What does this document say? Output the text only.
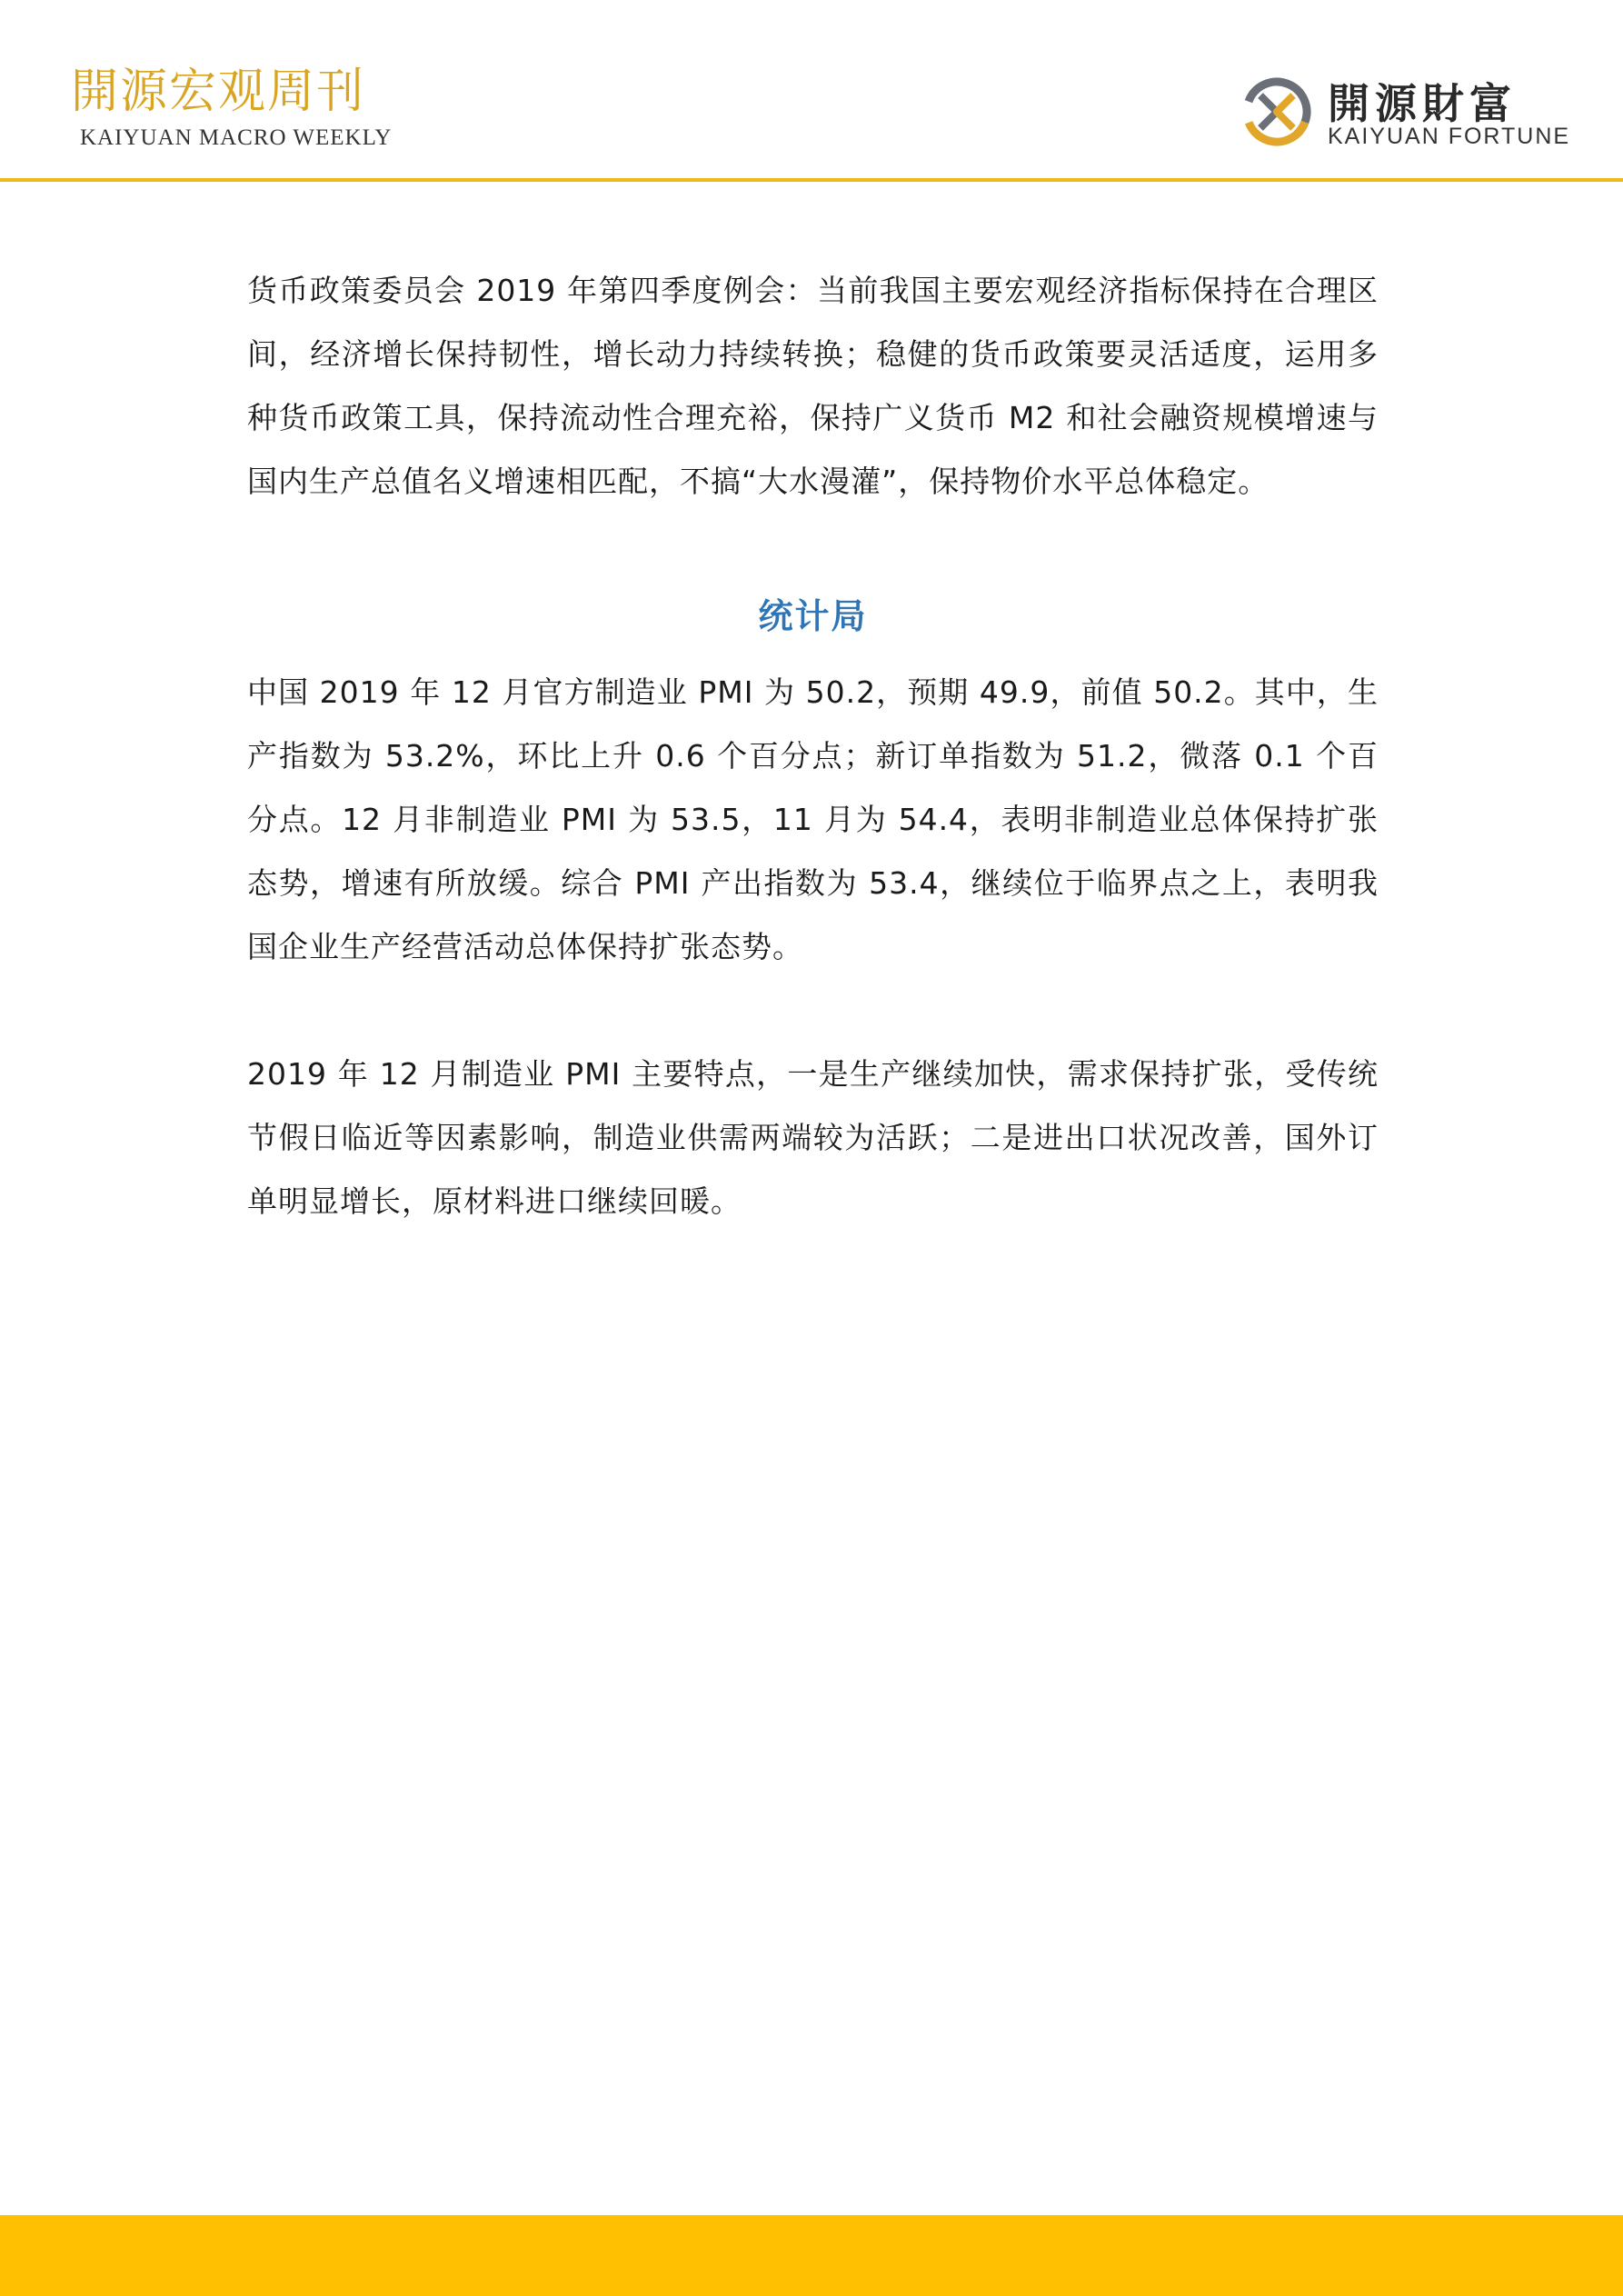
開源宏观周刊
KAIYUAN MACRO WEEKLY
開源財富
KAIYUAN FORTUNE

货币政策委员会 2019 年第四季度例会：当前我国主要宏观经济指标保持在合理区间，经济增长保持韧性，增长动力持续转换；稳健的货币政策要灵活适度，运用多种货币政策工具，保持流动性合理充裕，保持广义货币 M2 和社会融资规模增速与国内生产总值名义增速相匹配，不搞“大水漫灌”，保持物价水平总体稳定。

统计局

中国 2019 年 12 月官方制造业 PMI 为 50.2，预期 49.9，前值 50.2。其中，生产指数为 53.2%，环比上升 0.6 个百分点；新订单指数为 51.2，微落 0.1 个百分点。12 月非制造业 PMI 为 53.5，11 月为 54.4，表明非制造业总体保持扩张态势，增速有所放缓。综合 PMI 产出指数为 53.4，继续位于临界点之上，表明我国企业生产经营活动总体保持扩张态势。

2019 年 12 月制造业 PMI 主要特点，一是生产继续加快，需求保持扩张，受传统节假日临近等因素影响，制造业供需两端较为活跃；二是进出口状况改善，国外订单明显增长，原材料进口继续回暖。
